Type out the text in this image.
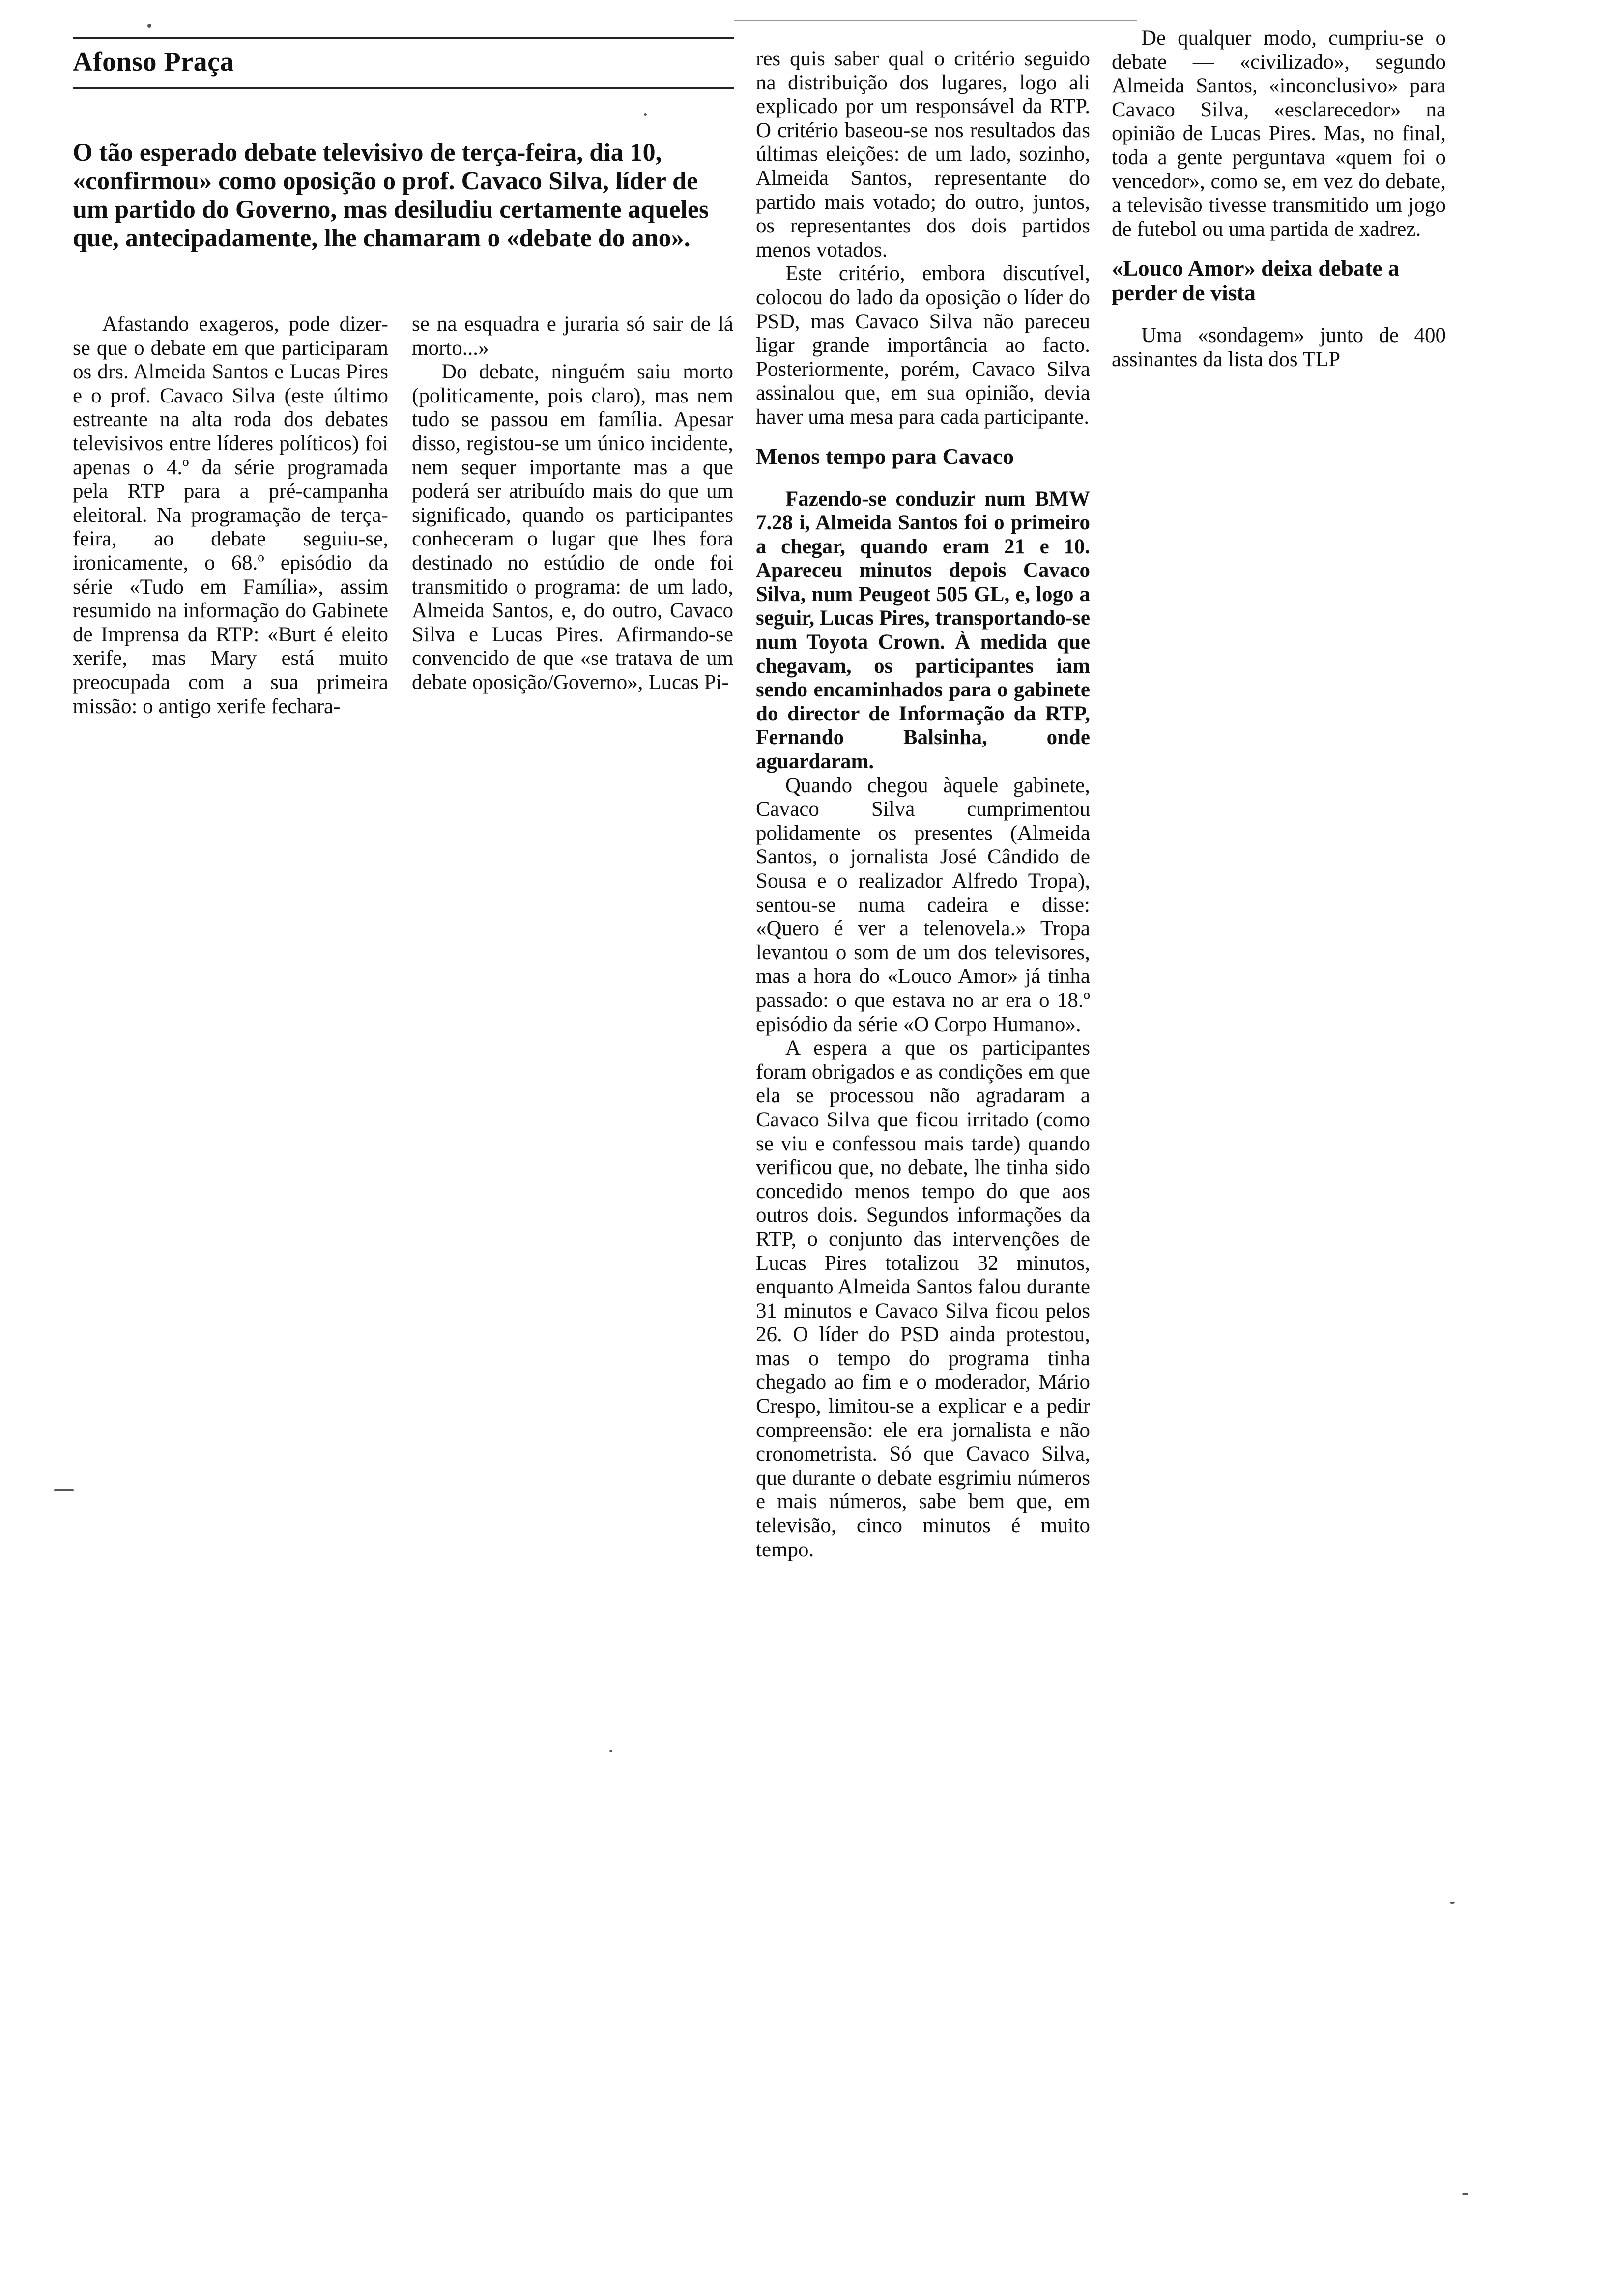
Afonso Praça
O tão esperado debate televisivo de terça-feira, dia 10, «confirmou» como oposição o prof. Cavaco Silva, líder de um partido do Governo, mas desiludiu certamente aqueles que, antecipadamente, lhe chamaram o «debate do ano».

Afastando exageros, pode dizer-se que o debate em que participaram os drs. Almeida Santos e Lucas Pires e o prof. Cavaco Silva (este último estreante na alta roda dos debates televisivos entre líderes políticos) foi apenas o 4.º da série programada pela RTP para a pré-campanha eleitoral. Na programação de terça-feira, ao debate seguiu-se, ironicamente, o 68.º episódio da série «Tudo em Família», assim resumido na informação do Gabinete de Imprensa da RTP: «Burt é eleito xerife, mas Mary está muito preocupada com a sua primeira missão: o antigo xerife fechara-

se na esquadra e juraria só sair de lá morto...»

Do debate, ninguém saiu morto (politicamente, pois claro), mas nem tudo se passou em família. Apesar disso, registou-se um único incidente, nem sequer importante mas a que poderá ser atribuído mais do que um significado, quando os participantes conheceram o lugar que lhes fora destinado no estúdio de onde foi transmitido o programa: de um lado, Almeida Santos, e, do outro, Cavaco Silva e Lucas Pires. Afirmando-se convencido de que «se tratava de um debate oposição/Governo», Lucas Pi-

res quis saber qual o critério seguido na distribuição dos lugares, logo ali explicado por um responsável da RTP. O critério baseou-se nos resultados das últimas eleições: de um lado, sozinho, Almeida Santos, representante do partido mais votado; do outro, juntos, os representantes dos dois partidos menos votados.

Este critério, embora discutível, colocou do lado da oposição o líder do PSD, mas Cavaco Silva não pareceu ligar grande importância ao facto. Posteriormente, porém, Cavaco Silva assinalou que, em sua opinião, devia haver uma mesa para cada participante.

Menos tempo para Cavaco

Fazendo-se conduzir num BMW 7.28 i, Almeida Santos foi o primeiro a chegar, quando eram 21 e 10. Apareceu minutos depois Cavaco Silva, num Peugeot 505 GL, e, logo a seguir, Lucas Pires, transportando-se num Toyota Crown. À medida que chegavam, os participantes iam sendo encaminhados para o gabinete do director de Informação da RTP, Fernando Balsinha, onde aguardaram.

Quando chegou àquele gabinete, Cavaco Silva cumprimentou polidamente os presentes (Almeida Santos, o jornalista José Cândido de Sousa e o realizador Alfredo Tropa), sentou-se numa cadeira e disse: «Quero é ver a telenovela.» Tropa levantou o som de um dos televisores, mas a hora do «Louco Amor» já tinha passado: o que estava no ar era o 18.º episódio da série «O Corpo Humano».

A espera a que os participantes foram obrigados e as condições em que ela se processou não agradaram a Cavaco Silva que ficou irritado (como se viu e confessou mais tarde) quando verificou que, no debate, lhe tinha sido concedido menos tempo do que aos outros dois. Segundos informações da RTP, o conjunto das intervenções de Lucas Pires totalizou 32 minutos, enquanto Almeida Santos falou durante 31 minutos e Cavaco Silva ficou pelos 26. O líder do PSD ainda protestou, mas o tempo do programa tinha chegado ao fim e o moderador, Mário Crespo, limitou-se a explicar e a pedir compreensão: ele era jornalista e não cronometrista. Só que Cavaco Silva, que durante o debate esgrimiu números e mais números, sabe bem que, em televisão, cinco minutos é muito tempo.

De qualquer modo, cumpriu-se o debate — «civilizado», segundo Almeida Santos, «inconclusivo» para Cavaco Silva, «esclarecedor» na opinião de Lucas Pires. Mas, no final, toda a gente perguntava «quem foi o vencedor», como se, em vez do debate, a televisão tivesse transmitido um jogo de futebol ou uma partida de xadrez.

«Louco Amor» deixa debate a perder de vista

Uma «sondagem» junto de 400 assinantes da lista dos TLP
